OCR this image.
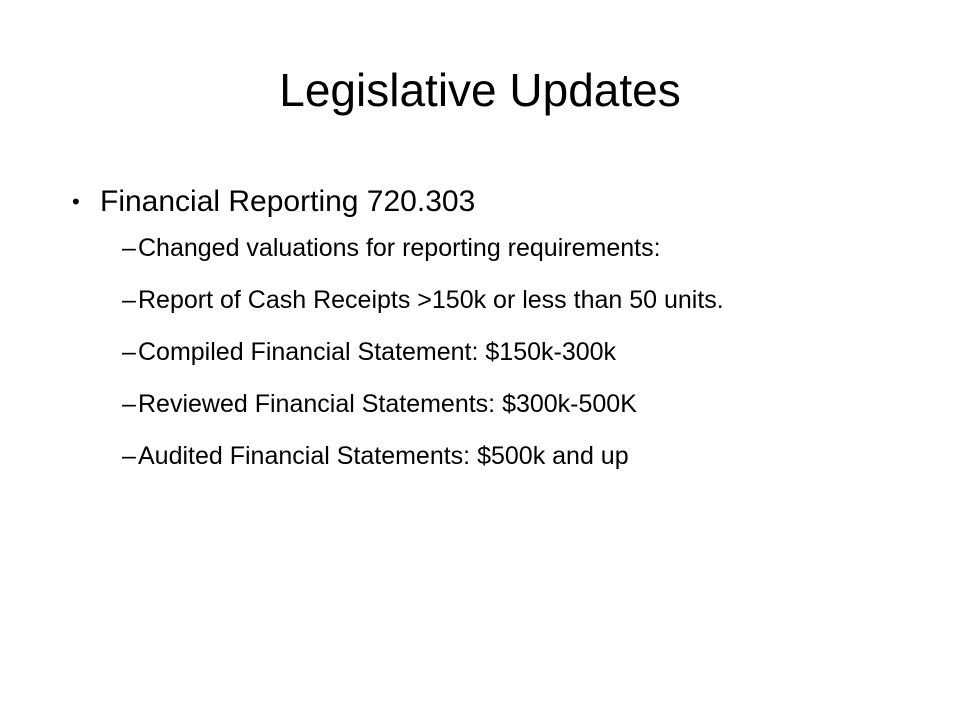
Legislative Updates
• Financial Reporting 720.303
– Changed valuations for reporting requirements:
– Report of Cash Receipts >150k or less than 50 units.
– Compiled Financial Statement: $150k-300k
– Reviewed Financial Statements: $300k-500K
– Audited Financial Statements: $500k and up
